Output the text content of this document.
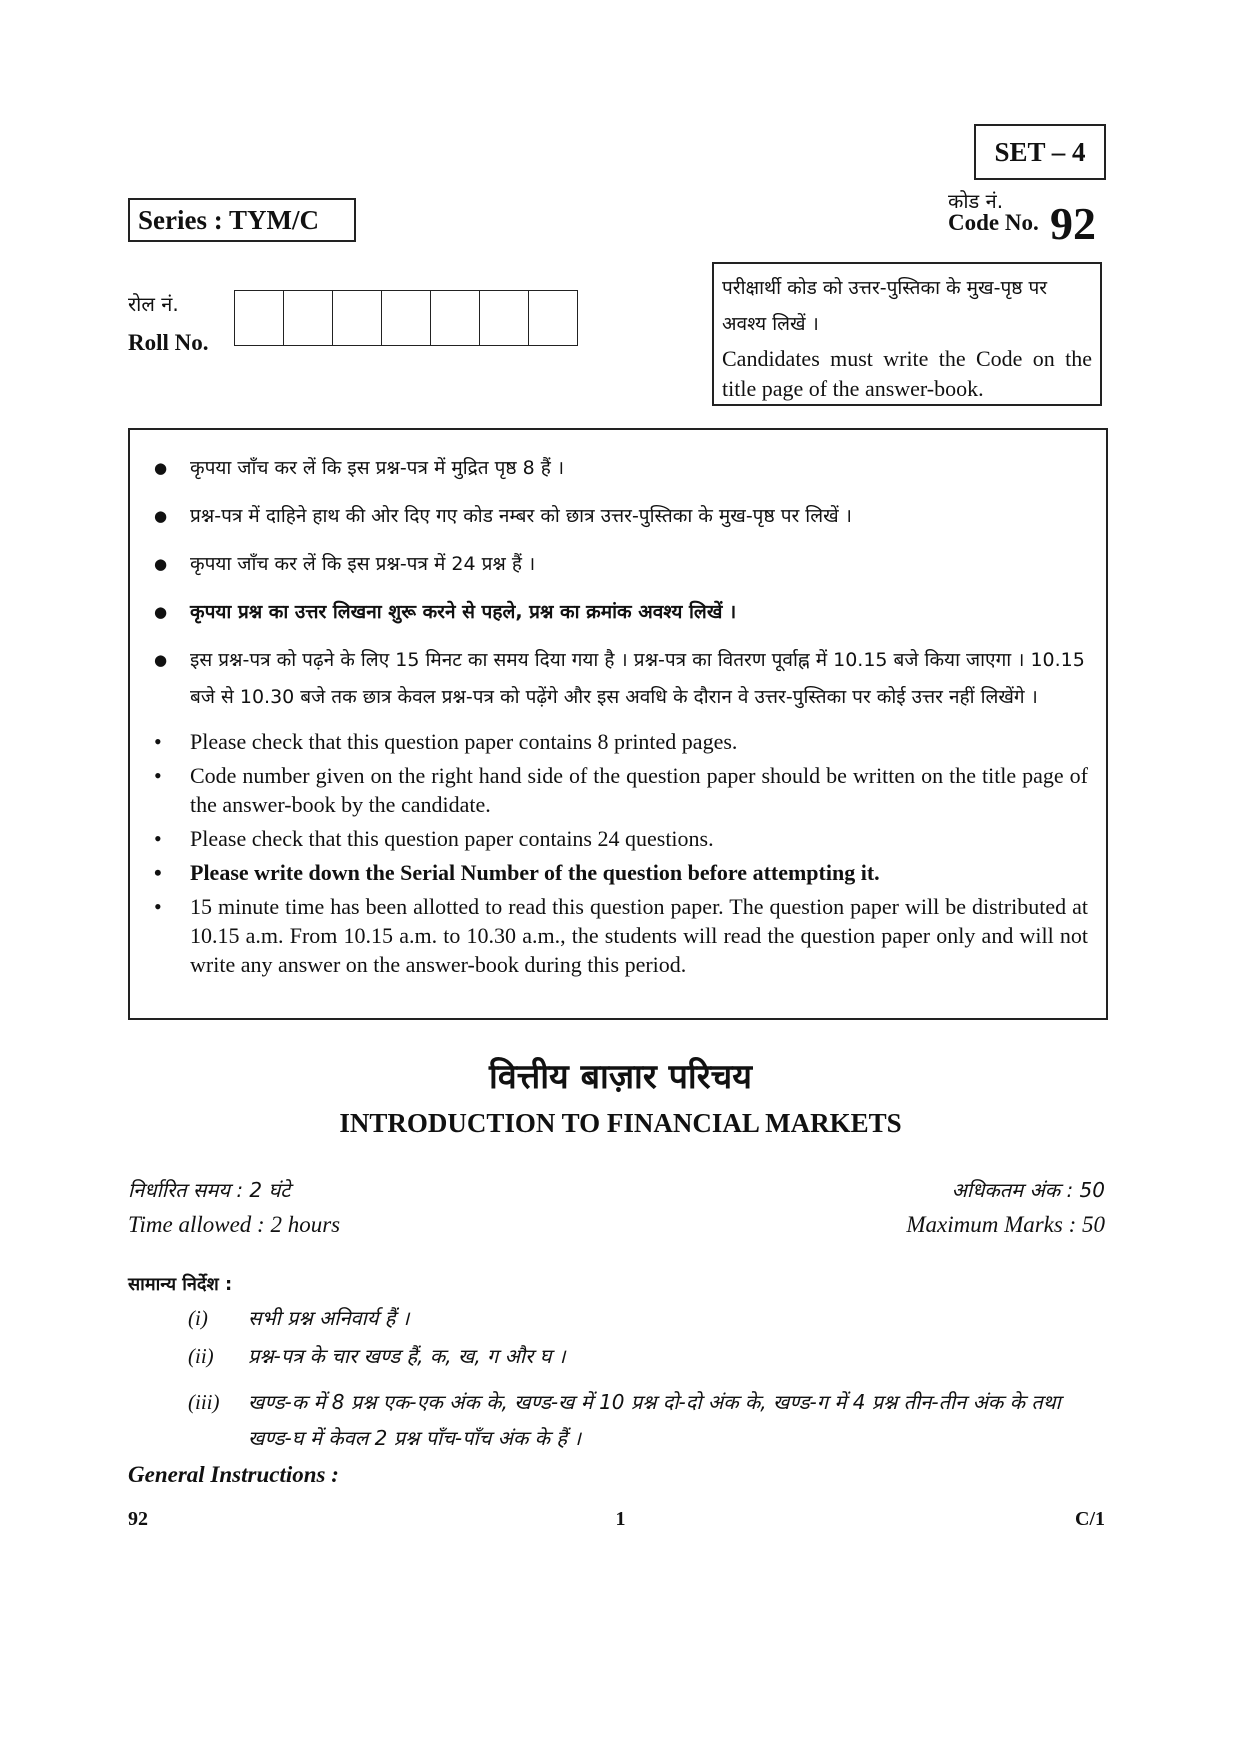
SET – 4
कोड नं.
Code No. 92
Series : TYM/C
रोल नं.
Roll No.
परीक्षार्थी कोड को उत्तर-पुस्तिका के मुख-पृष्ठ पर अवश्य लिखें ।
Candidates must write the Code on the title page of the answer-book.
● कृपया जाँच कर लें कि इस प्रश्न-पत्र में मुद्रित पृष्ठ 8 हैं ।
● प्रश्न-पत्र में दाहिने हाथ की ओर दिए गए कोड नम्बर को छात्र उत्तर-पुस्तिका के मुख-पृष्ठ पर लिखें ।
● कृपया जाँच कर लें कि इस प्रश्न-पत्र में 24 प्रश्न हैं ।
● कृपया प्रश्न का उत्तर लिखना शुरू करने से पहले, प्रश्न का क्रमांक अवश्य लिखें ।
● इस प्रश्न-पत्र को पढ़ने के लिए 15 मिनट का समय दिया गया है । प्रश्न-पत्र का वितरण पूर्वाह्न में 10.15 बजे किया जाएगा । 10.15 बजे से 10.30 बजे तक छात्र केवल प्रश्न-पत्र को पढ़ेंगे और इस अवधि के दौरान वे उत्तर-पुस्तिका पर कोई उत्तर नहीं लिखेंगे ।
• Please check that this question paper contains 8 printed pages.
• Code number given on the right hand side of the question paper should be written on the title page of the answer-book by the candidate.
• Please check that this question paper contains 24 questions.
• Please write down the Serial Number of the question before attempting it.
• 15 minute time has been allotted to read this question paper. The question paper will be distributed at 10.15 a.m. From 10.15 a.m. to 10.30 a.m., the students will read the question paper only and will not write any answer on the answer-book during this period.
वित्तीय बाज़ार परिचय
INTRODUCTION TO FINANCIAL MARKETS
निर्धारित समय : 2 घंटे
Time allowed : 2 hours
अधिकतम अंक : 50
Maximum Marks : 50
सामान्य निर्देश :
(i) सभी प्रश्न अनिवार्य हैं ।
(ii) प्रश्न-पत्र के चार खण्ड हैं, क, ख, ग और घ ।
(iii) खण्ड-क में 8 प्रश्न एक-एक अंक के, खण्ड-ख में 10 प्रश्न दो-दो अंक के, खण्ड-ग में 4 प्रश्न तीन-तीन अंक के तथा खण्ड-घ में केवल 2 प्रश्न पाँच-पाँच अंक के हैं ।
General Instructions :
92	1	C/1
